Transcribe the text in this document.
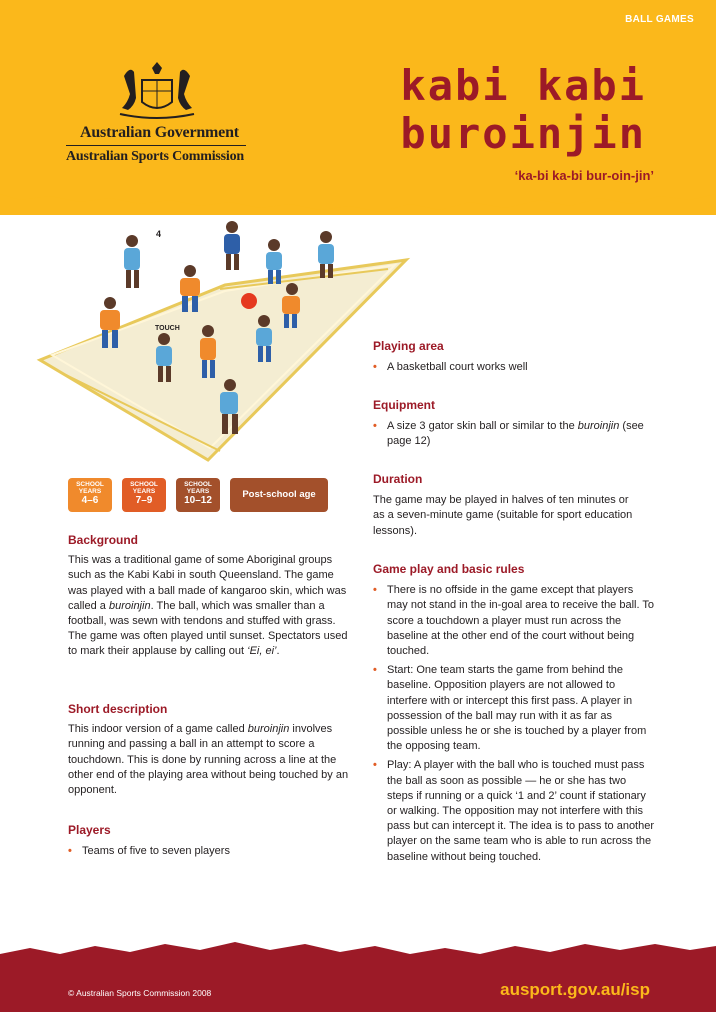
BALL GAMES
Australian Government
Australian Sports Commission
kabi kabi
buroinjin
‘ka-bi ka-bi bur-oin-jin’
TOUCH
4
SCHOOL
YEARS
4–6
SCHOOL
YEARS
7–9
SCHOOL
YEARS
10–12
Post-school age
Background

This was a traditional game of some Aboriginal groups such as the Kabi Kabi in south Queensland. The game was played with a ball made of kangaroo skin, which was called a buroinjin. The ball, which was smaller than a football, was sewn with tendons and stuffed with grass. The game was often played until sunset. Spectators used to mark their applause by calling out ‘Ei, ei’.

Short description

This indoor version of a game called buroinjin involves running and passing a ball in an attempt to score a touchdown. This is done by running across a line at the other end of the playing area without being touched by an opponent.

Players
• Teams of five to seven players
Playing area
• A basketball court works well
Equipment
• A size 3 gator skin ball or similar to the buroinjin (see page 12)
Duration

The game may be played in halves of ten minutes or as a seven-minute game (suitable for sport education lessons).

Game play and basic rules
• There is no offside in the game except that players may not stand in the in-goal area to receive the ball. To score a touchdown a player must run across the baseline at the other end of the court without being touched.
• Start: One team starts the game from behind the baseline. Opposition players are not allowed to interfere with or intercept this first pass. A player in possession of the ball may run with it as far as possible unless he or she is touched by a player from the opposing team.
• Play: A player with the ball who is touched must pass the ball as soon as possible — he or she has two steps if running or a quick ‘1 and 2’ count if stationary or walking. The opposition may not interfere with this pass but can intercept it. The idea is to pass to another player on the same team who is able to run across the baseline without being touched.
© Australian Sports Commission 2008	ausport.gov.au/isp
